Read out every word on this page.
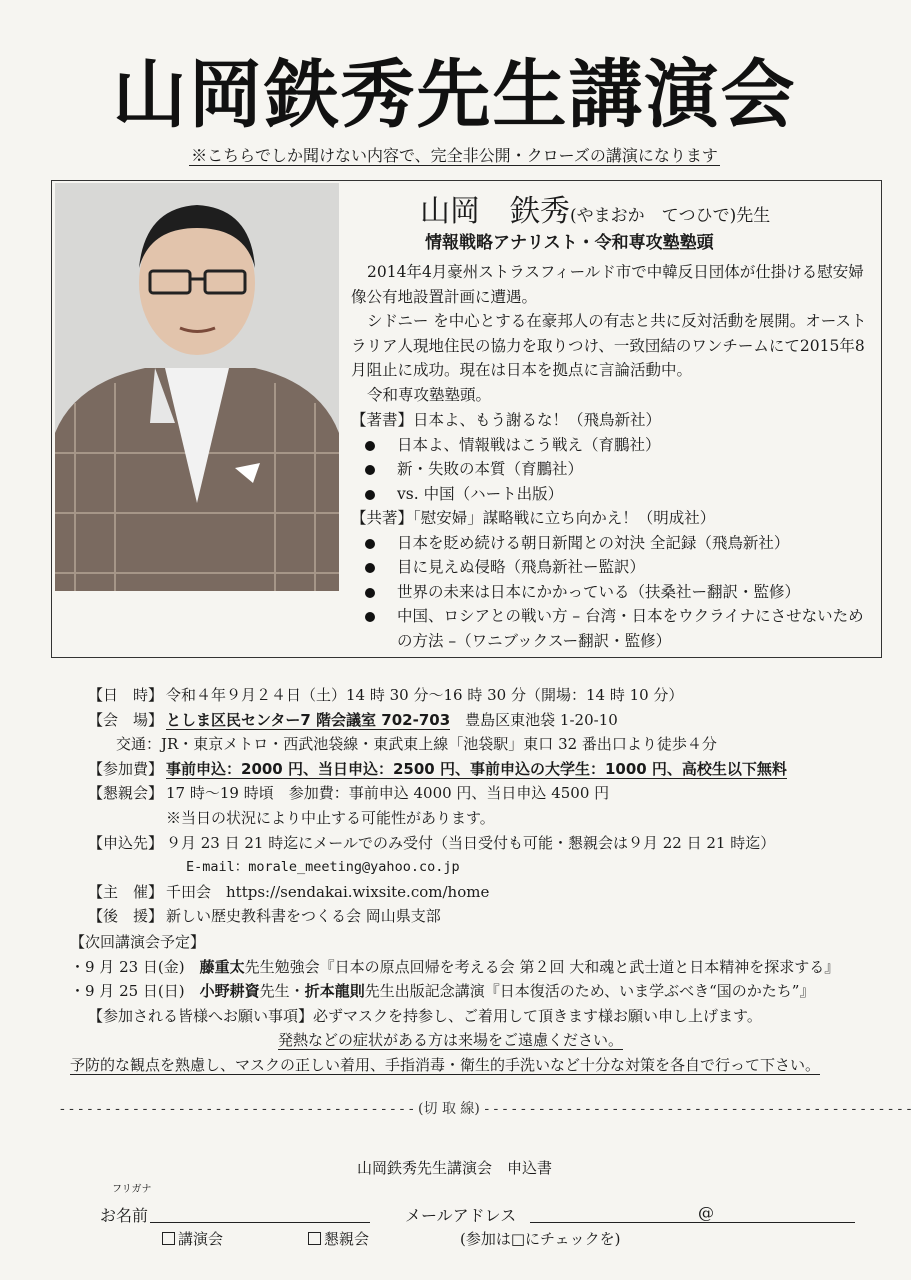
山岡鉄秀先生講演会
※こちらでしか聞けない内容で、完全非公開・クローズの講演になります
山岡　鉄秀(やまおか　てつひで)先生
情報戦略アナリスト・令和専攻塾塾頭

2014年4月豪州ストラスフィールド市で中韓反日団体が仕掛ける慰安婦像公有地設置計画に遭遇。

シドニー を中心とする在豪邦人の有志と共に反対活動を展開。オーストラリア人現地住民の協力を取りつけ、一致団結のワンチームにて2015年8月阻止に成功。現在は日本を拠点に言論活動中。

令和専攻塾塾頭。

【著書】日本よ、もう謝るな！（飛鳥新社）

日本よ、情報戦はこう戦え（育鵬社）
新・失敗の本質（育鵬社）
vs. 中国（ハート出版）

【共著】「慰安婦」謀略戦に立ち向かえ！（明成社）

日本を貶め続ける朝日新聞との対決 全記録（飛鳥新社）
目に見えぬ侵略（飛鳥新社ー監訳）
世界の未来は日本にかかっている（扶桑社ー翻訳・監修）
中国、ロシアとの戦い方 – 台湾・日本をウクライナにさせないための方法 –（ワニブックスー翻訳・監修）
【日　時】 令和４年９月２４日（土）14 時 30 分〜16 時 30 分（開場：14 時 10 分）
【会　場】 としま区民センター7 階会議室 702-703　 豊島区東池袋 1-20-10
交通：JR・東京メトロ・西武池袋線・東武東上線「池袋駅」東口 32 番出口より徒歩４分
【参加費】 事前申込：2000 円、当日申込：2500 円、事前申込の大学生：1000 円、高校生以下無料
【懇親会】 17 時〜19 時頃　参加費：事前申込 4000 円、当日申込 4500 円
※当日の状況により中止する可能性があります。
【申込先】 ９月 23 日 21 時迄にメールでのみ受付（当日受付も可能・懇親会は９月 22 日 21 時迄）
E-mail：morale_meeting@yahoo.co.jp
【主　催】 千田会　https://sendakai.wixsite.com/home
【後　援】 新しい歴史教科書をつくる会 岡山県支部
【次回講演会予定】
・9 月 23 日(金)　 藤重太先生勉強会『日本の原点回帰を考える会 第２回 大和魂と武士道と日本精神を探求する』
・9 月 25 日(日)　 小野耕資先生・折本龍則先生出版記念講演『日本復活のため、いま学ぶべき“国のかたち”』
【参加される皆様へお願い事項】必ずマスクを持参し、ご着用して頂きます様お願い申し上げます。
発熱などの症状がある方は来場をご遠慮ください。
予防的な観点を熟慮し、マスクの正しい着用、手指消毒・衛生的手洗いなど十分な対策を各自で行って下さい。
- - - - - - - - - - - - - - - - - - - - - - - - - - - - - - - - - - - - - - - (切 取 線) - - - - - - - - - - - - - - - - - - - - - - - - - - - - - - - - - - - - - - - - - - - - - - -
山岡鉄秀先生講演会　申込書
フリガナ
お名前	メールアドレス	@
講演会	懇親会	(参加は□にチェックを)
